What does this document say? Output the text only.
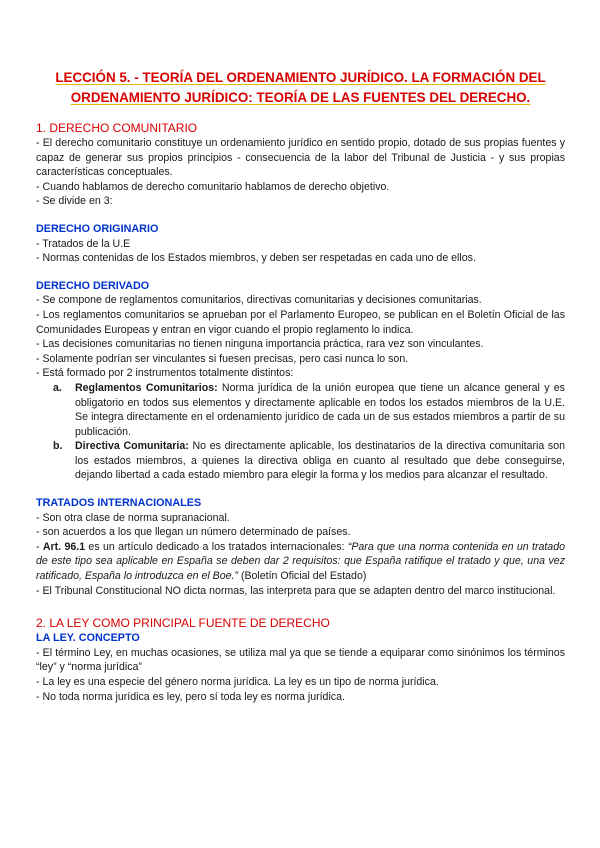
LECCIÓN 5. - TEORÍA DEL ORDENAMIENTO JURÍDICO. LA FORMACIÓN DEL ORDENAMIENTO JURÍDICO: TEORÍA DE LAS FUENTES DEL DERECHO.
1. DERECHO COMUNITARIO

- El derecho comunitario constituye un ordenamiento jurídico en sentido propio, dotado de sus propias fuentes y capaz de generar sus propios principios - consecuencia de la labor del Tribunal de Justicia - y sus propias características conceptuales.

- Cuando hablamos de derecho comunitario hablamos de derecho objetivo.

- Se divide en 3:

DERECHO ORIGINARIO

- Tratados de la U.E

- Normas contenidas de los Estados miembros, y deben ser respetadas en cada uno de ellos.

DERECHO DERIVADO

- Se compone de reglamentos comunitarios, directivas comunitarias y decisiones comunitarias.

- Los reglamentos comunitarios se aprueban por el Parlamento Europeo, se publican en el Boletín Oficial de las Comunidades Europeas y entran en vigor cuando el propio reglamento lo indica.

- Las decisiones comunitarias no tienen ninguna importancia práctica, rara vez son vinculantes.

- Solamente podrían ser vinculantes si fuesen precisas, pero casi nunca lo son.

- Está formado por 2 instrumentos totalmente distintos:

a. Reglamentos Comunitarios: Norma jurídica de la unión europea que tiene un alcance general y es obligatorio en todos sus elementos y directamente aplicable en todos los estados miembros de la U.E. Se integra directamente en el ordenamiento jurídico de cada un de sus estados miembros a partir de su publicación.
b. Directiva Comunitaria: No es directamente aplicable, los destinatarios de la directiva comunitaria son los estados miembros, a quienes la directiva obliga en cuanto al resultado que debe conseguirse, dejando libertad a cada estado miembro para elegir la forma y los medios para alcanzar el resultado.
TRATADOS INTERNACIONALES

- Son otra clase de norma supranacional.

- son acuerdos a los que llegan un número determinado de países.

- Art. 96.1 es un artículo dedicado a los tratados internacionales: “Para que una norma contenida en un tratado de este tipo sea aplicable en España se deben dar 2 requisitos: que España ratifique el tratado y que, una vez ratificado, España lo introduzca en el Boe.” (Boletín Oficial del Estado)

- El Tribunal Constitucional NO dicta normas, las interpreta para que se adapten dentro del marco institucional.

2. LA LEY COMO PRINCIPAL FUENTE DE DERECHO
LA LEY. CONCEPTO

- El término Ley, en muchas ocasiones, se utiliza mal ya que se tiende a equiparar como sinónimos los términos “ley” y “norma jurídica”

- La ley es una especie del género norma jurídica. La ley es un tipo de norma jurídica.

- No toda norma jurídica es ley, pero sí toda ley es norma jurídica.
